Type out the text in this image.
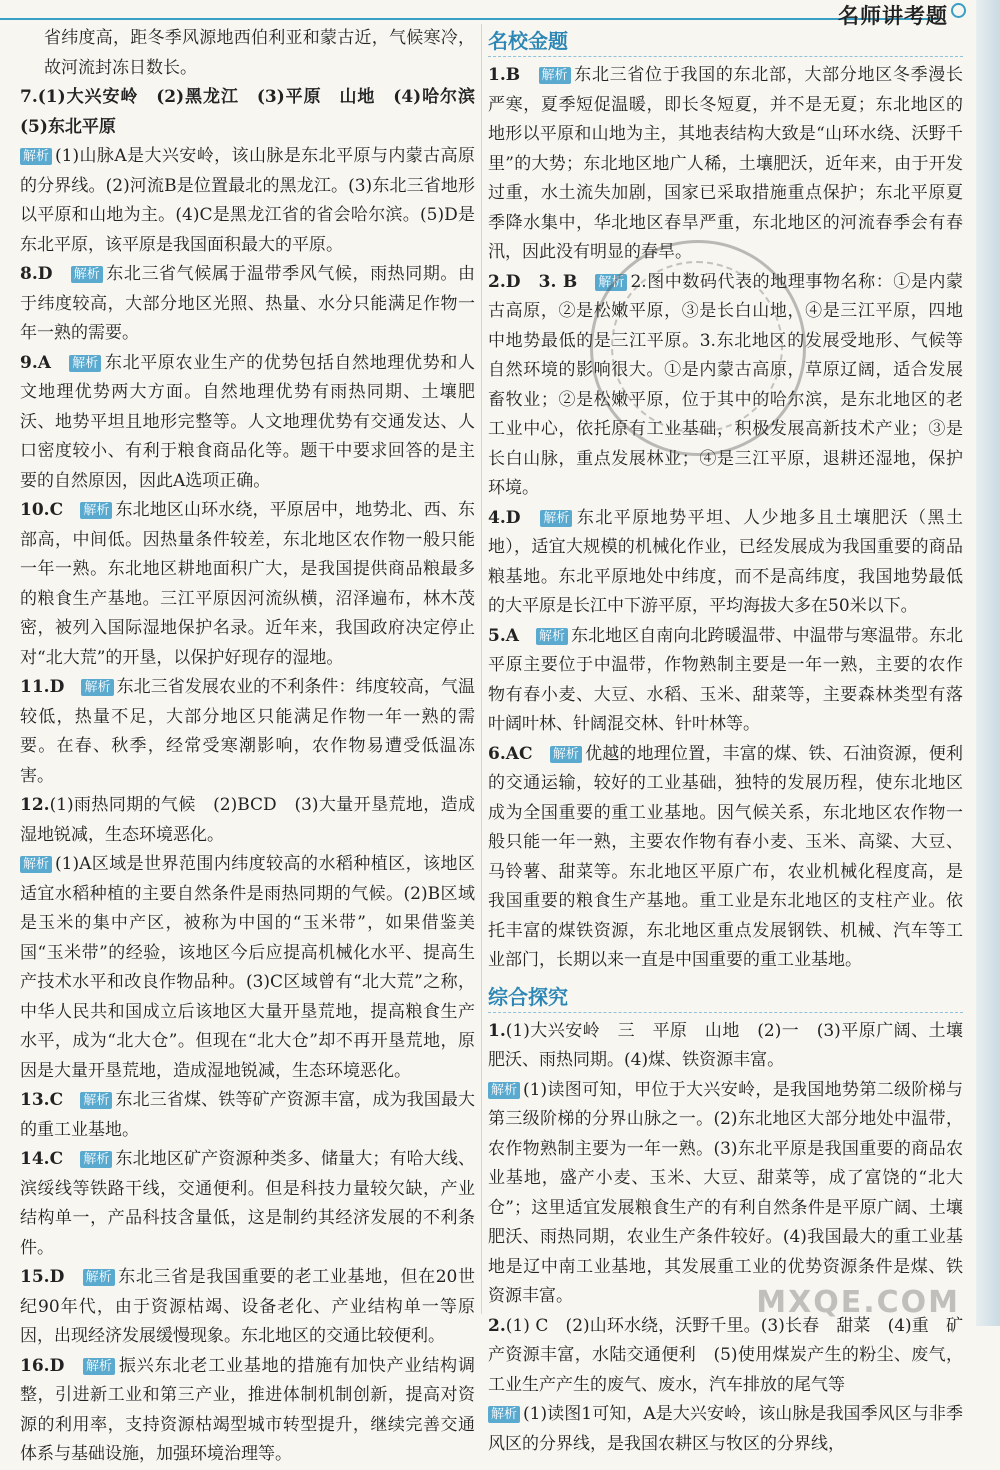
名师讲考题

省纬度高，距冬季风源地西伯利亚和蒙古近，气候寒冷，故河流封冻日数长。

7.(1)大兴安岭　(2)黑龙江　(3)平原　山地　(4)哈尔滨　(5)东北平原

解析 (1)山脉A是大兴安岭，该山脉是东北平原与内蒙古高原的分界线。(2)河流B是位置最北的黑龙江。(3)东北三省地形以平原和山地为主。(4)C是黑龙江省的省会哈尔滨。(5)D是东北平原，该平原是我国面积最大的平原。

8.D　 解析 东北三省气候属于温带季风气候，雨热同期。由于纬度较高，大部分地区光照、热量、水分只能满足作物一年一熟的需要。

9.A　 解析 东北平原农业生产的优势包括自然地理优势和人文地理优势两大方面。自然地理优势有雨热同期、土壤肥沃、地势平坦且地形完整等。人文地理优势有交通发达、人口密度较小、有利于粮食商品化等。题干中要求回答的是主要的自然原因，因此A选项正确。

10.C　 解析 东北地区山环水绕，平原居中，地势北、西、东部高，中间低。因热量条件较差，东北地区农作物一般只能一年一熟。东北地区耕地面积广大，是我国提供商品粮最多的粮食生产基地。三江平原因河流纵横，沼泽遍布，林木茂密，被列入国际湿地保护名录。近年来，我国政府决定停止对“北大荒”的开垦，以保护好现存的湿地。

11.D　 解析 东北三省发展农业的不利条件：纬度较高，气温较低，热量不足，大部分地区只能满足作物一年一熟的需要。在春、秋季，经常受寒潮影响，农作物易遭受低温冻害。

12.(1)雨热同期的气候　(2)BCD　(3)大量开垦荒地，造成湿地锐减，生态环境恶化。

解析 (1)A区域是世界范围内纬度较高的水稻种植区，该地区适宜水稻种植的主要自然条件是雨热同期的气候。(2)B区域是玉米的集中产区，被称为中国的“玉米带”，如果借鉴美国“玉米带”的经验，该地区今后应提高机械化水平、提高生产技术水平和改良作物品种。(3)C区域曾有“北大荒”之称，中华人民共和国成立后该地区大量开垦荒地，提高粮食生产水平，成为“北大仓”。但现在“北大仓”却不再开垦荒地，原因是大量开垦荒地，造成湿地锐减，生态环境恶化。

13.C　 解析 东北三省煤、铁等矿产资源丰富，成为我国最大的重工业基地。

14.C　 解析 东北地区矿产资源种类多、储量大；有哈大线、滨绥线等铁路干线，交通便利。但是科技力量较欠缺，产业结构单一，产品科技含量低，这是制约其经济发展的不利条件。

15.D　 解析 东北三省是我国重要的老工业基地，但在20世纪90年代，由于资源枯竭、设备老化、产业结构单一等原因，出现经济发展缓慢现象。东北地区的交通比较便利。

16.D　 解析 振兴东北老工业基地的措施有加快产业结构调整，引进新工业和第三产业，推进体制机制创新，提高对资源的利用率，支持资源枯竭型城市转型提升，继续完善交通体系与基础设施，加强环境治理等。

名校金题

1.B　 解析 东北三省位于我国的东北部，大部分地区冬季漫长严寒，夏季短促温暖，即长冬短夏，并不是无夏；东北地区的地形以平原和山地为主，其地表结构大致是“山环水绕、沃野千里”的大势；东北地区地广人稀，土壤肥沃，近年来，由于开发过重，水土流失加剧，国家已采取措施重点保护；东北平原夏季降水集中，华北地区春旱严重，东北地区的河流春季会有春汛，因此没有明显的春旱。

2.D　3. B　 解析 2.图中数码代表的地理事物名称：①是内蒙古高原，②是松嫩平原，③是长白山地，④是三江平原，四地中地势最低的是三江平原。3.东北地区的发展受地形、气候等自然环境的影响很大。①是内蒙古高原，草原辽阔，适合发展畜牧业；②是松嫩平原，位于其中的哈尔滨，是东北地区的老工业中心，依托原有工业基础，积极发展高新技术产业；③是长白山脉，重点发展林业；④是三江平原，退耕还湿地，保护环境。

4.D　 解析 东北平原地势平坦、人少地多且土壤肥沃（黑土地），适宜大规模的机械化作业，已经发展成为我国重要的商品粮基地。东北平原地处中纬度，而不是高纬度，我国地势最低的大平原是长江中下游平原，平均海拔大多在50米以下。

5.A　 解析 东北地区自南向北跨暖温带、中温带与寒温带。东北平原主要位于中温带，作物熟制主要是一年一熟，主要的农作物有春小麦、大豆、水稻、玉米、甜菜等，主要森林类型有落叶阔叶林、针阔混交林、针叶林等。

6.AC　 解析 优越的地理位置，丰富的煤、铁、石油资源，便利的交通运输，较好的工业基础，独特的发展历程，使东北地区成为全国重要的重工业基地。因气候关系，东北地区农作物一般只能一年一熟，主要农作物有春小麦、玉米、高粱、大豆、马铃薯、甜菜等。东北地区平原广布，农业机械化程度高，是我国重要的粮食生产基地。重工业是东北地区的支柱产业。依托丰富的煤铁资源，东北地区重点发展钢铁、机械、汽车等工业部门，长期以来一直是中国重要的重工业基地。

综合探究

1.(1)大兴安岭　三　平原　山地　(2)一　(3)平原广阔、土壤肥沃、雨热同期。(4)煤、铁资源丰富。

解析 (1)读图可知，甲位于大兴安岭，是我国地势第二级阶梯与第三级阶梯的分界山脉之一。(2)东北地区大部分地处中温带，农作物熟制主要为一年一熟。(3)东北平原是我国重要的商品农业基地，盛产小麦、玉米、大豆、甜菜等，成了富饶的“北大仓”；这里适宜发展粮食生产的有利自然条件是平原广阔、土壤肥沃、雨热同期，农业生产条件较好。(4)我国最大的重工业基地是辽中南工业基地，其发展重工业的优势资源条件是煤、铁资源丰富。

2.(1) C　(2)山环水绕，沃野千里。(3)长春　甜菜　(4)重　矿产资源丰富，水陆交通便利　(5)使用煤炭产生的粉尘、废气，工业生产产生的废气、废水，汽车排放的尾气等

解析 (1)读图1可知，A是大兴安岭，该山脉是我国季风区与非季风区的分界线，是我国农耕区与牧区的分界线，

MXQE.COM
